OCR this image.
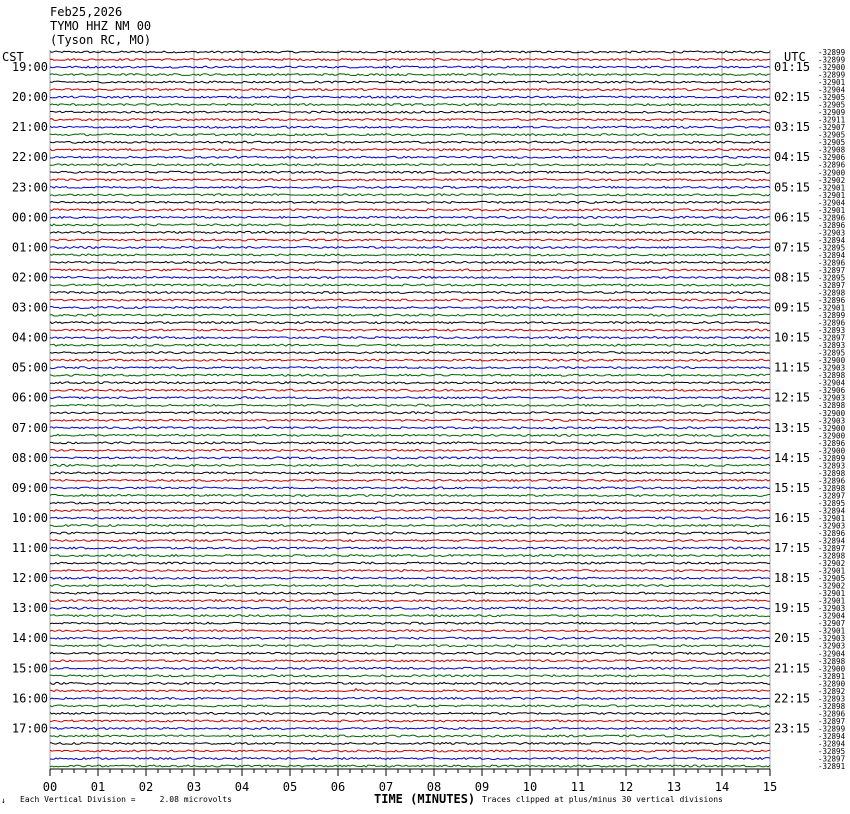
Feb25,2026
TYMO HHZ NM 00
(Tyson RC, MO)
CST	UTC
00	01	02	03	04	05	06	07	08	09	10	11	12	13	14	15
-32899
-32899
-32900
-32899
-32901
-32904
-32905
-32905
-32909
-32911
-32907
-32905
-32905
-32908
-32906
-32896
-32900
-32902
-32901
-32901
-32904
-32901
-32896
-32896
-32903
-32894
-32895
-32894
-32896
-32897
-32895
-32897
-32898
-32896
-32901
-32899
-32896
-32893
-32897
-32893
-32895
-32900
-32903
-32898
-32904
-32906
-32903
-32898
-32900
-32903
-32900
-32900
-32896
-32900
-32899
-32893
-32898
-32896
-32898
-32897
-32895
-32894
-32901
-32903
-32896
-32894
-32897
-32898
-32902
-32901
-32905
-32902
-32901
-32901
-32903
-32904
-32907
-32901
-32903
-32903
-32904
-32898
-32900
-32891
-32890
-32892
-32893
-32898
-32896
-32897
-32899
-32894
-32894
-32895
-32897
-32891
19:00
20:00
21:00
22:00
23:00
00:00
01:00
02:00
03:00
04:00
05:00
06:00
07:00
08:00
09:00
10:00
11:00
12:00
13:00
14:00
15:00
16:00
17:00
01:15
02:15
03:15
04:15
05:15
06:15
07:15
08:15
09:15
10:15
11:15
12:15
13:15
14:15
15:15
16:15
17:15
18:15
19:15
20:15
21:15
22:15
23:15
↓ Each Vertical Division =     2.08 microvolts	TIME (MINUTES) Traces clipped at plus/minus 30 vertical divisions
